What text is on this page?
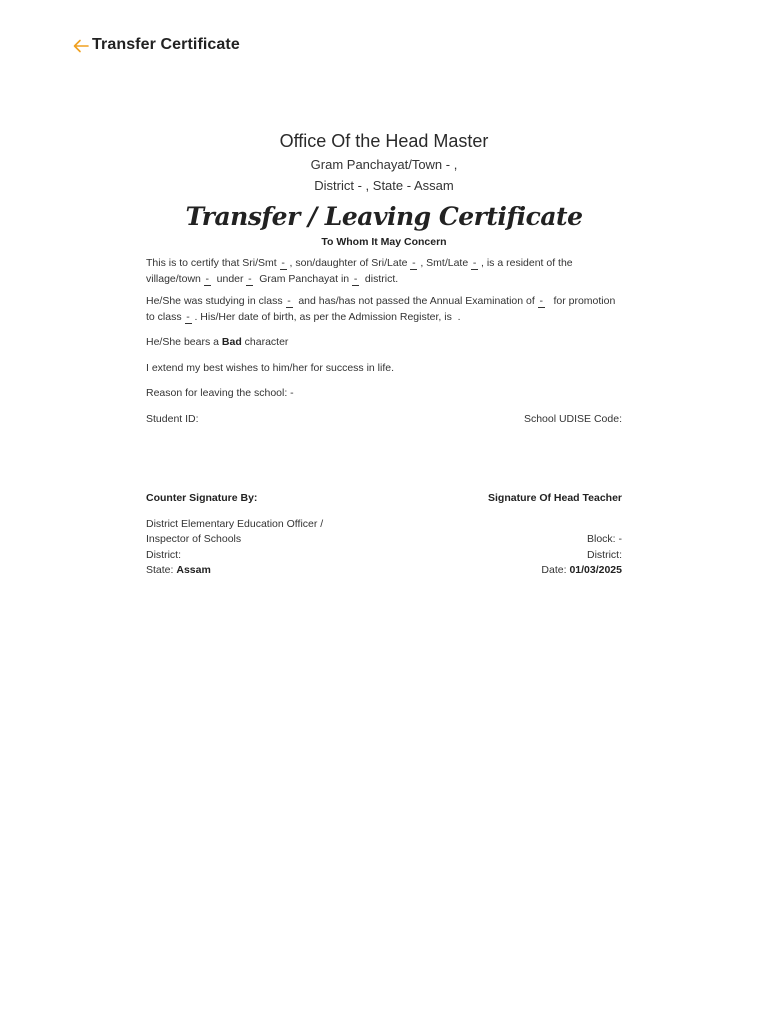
Transfer Certificate
Office Of the Head Master
Gram Panchayat/Town - ,
District - , State - Assam
Transfer / Leaving Certificate
To Whom It May Concern
This is to certify that Sri/Smt - , son/daughter of Sri/Late - , Smt/Late - , is a resident of the village/town - under - Gram Panchayat in - district.
He/She was studying in class - and has/has not passed the Annual Examination of - for promotion to class - . His/Her date of birth, as per the Admission Register, is .
He/She bears a Bad character
I extend my best wishes to him/her for success in life.
Reason for leaving the school: -
Student ID:	School UDISE Code:
Counter Signature By:	Signature Of Head Teacher
District Elementary Education Officer /
Inspector of Schools	Block: -
District:	District:
State: Assam	Date: 01/03/2025
